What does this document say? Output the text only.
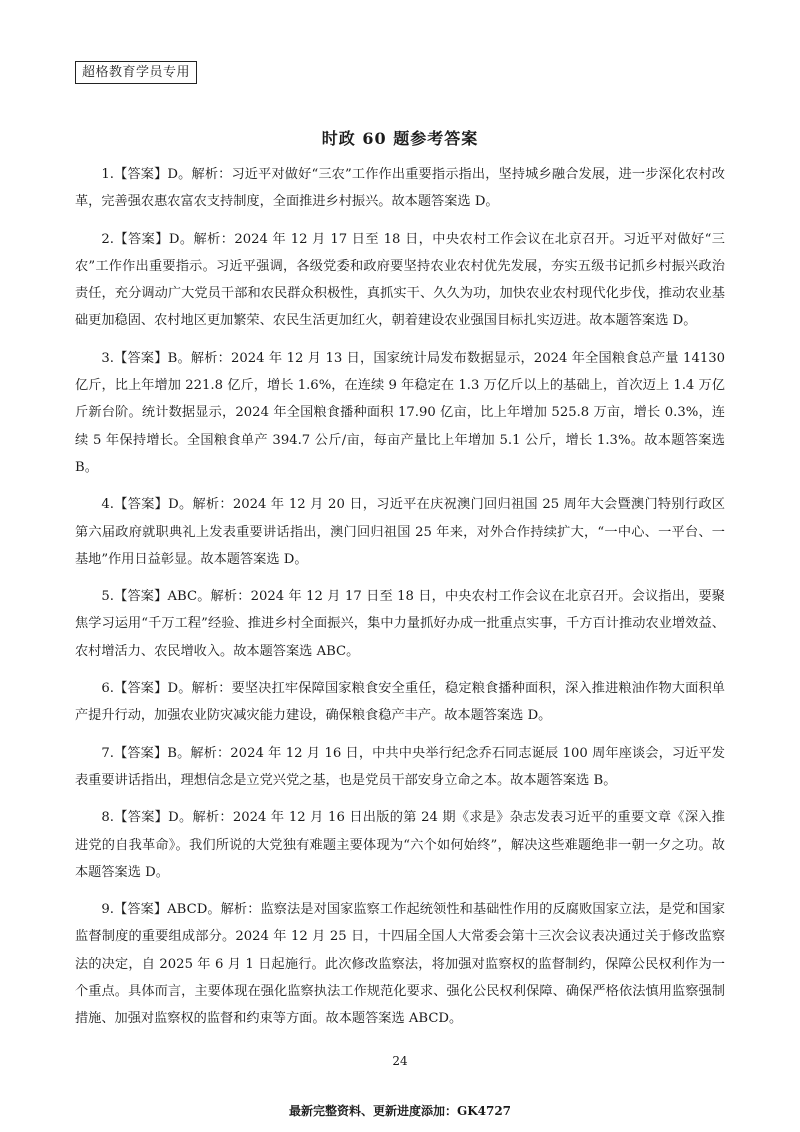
超格教育学员专用
时政 60 题参考答案

1.【答案】D。解析：习近平对做好“三农”工作作出重要指示指出，坚持城乡融合发展，进一步深化农村改革，完善强农惠农富农支持制度，全面推进乡村振兴。故本题答案选 D。

2.【答案】D。解析：2024 年 12 月 17 日至 18 日，中央农村工作会议在北京召开。习近平对做好“三农”工作作出重要指示。习近平强调，各级党委和政府要坚持农业农村优先发展，夯实五级书记抓乡村振兴政治责任，充分调动广大党员干部和农民群众积极性，真抓实干、久久为功，加快农业农村现代化步伐，推动农业基础更加稳固、农村地区更加繁荣、农民生活更加红火，朝着建设农业强国目标扎实迈进。故本题答案选 D。

3.【答案】B。解析：2024 年 12 月 13 日，国家统计局发布数据显示，2024 年全国粮食总产量 14130 亿斤，比上年增加 221.8 亿斤，增长 1.6%，在连续 9 年稳定在 1.3 万亿斤以上的基础上，首次迈上 1.4 万亿斤新台阶。统计数据显示，2024 年全国粮食播种面积 17.90 亿亩，比上年增加 525.8 万亩，增长 0.3%，连续 5 年保持增长。全国粮食单产 394.7 公斤/亩，每亩产量比上年增加 5.1 公斤，增长 1.3%。故本题答案选 B。

4.【答案】D。解析：2024 年 12 月 20 日，习近平在庆祝澳门回归祖国 25 周年大会暨澳门特别行政区第六届政府就职典礼上发表重要讲话指出，澳门回归祖国 25 年来，对外合作持续扩大，“一中心、一平台、一基地”作用日益彰显。故本题答案选 D。

5.【答案】ABC。解析：2024 年 12 月 17 日至 18 日，中央农村工作会议在北京召开。会议指出，要聚焦学习运用“千万工程”经验、推进乡村全面振兴，集中力量抓好办成一批重点实事，千方百计推动农业增效益、农村增活力、农民增收入。故本题答案选 ABC。

6.【答案】D。解析：要坚决扛牢保障国家粮食安全重任，稳定粮食播种面积，深入推进粮油作物大面积单产提升行动，加强农业防灾减灾能力建设，确保粮食稳产丰产。故本题答案选 D。

7.【答案】B。解析：2024 年 12 月 16 日，中共中央举行纪念乔石同志诞辰 100 周年座谈会，习近平发表重要讲话指出，理想信念是立党兴党之基，也是党员干部安身立命之本。故本题答案选 B。

8.【答案】D。解析：2024 年 12 月 16 日出版的第 24 期《求是》杂志发表习近平的重要文章《深入推进党的自我革命》。我们所说的大党独有难题主要体现为“六个如何始终”，解决这些难题绝非一朝一夕之功。故本题答案选 D。

9.【答案】ABCD。解析：监察法是对国家监察工作起统领性和基础性作用的反腐败国家立法，是党和国家监督制度的重要组成部分。2024 年 12 月 25 日，十四届全国人大常委会第十三次会议表决通过关于修改监察法的决定，自 2025 年 6 月 1 日起施行。此次修改监察法，将加强对监察权的监督制约，保障公民权利作为一个重点。具体而言，主要体现在强化监察执法工作规范化要求、强化公民权利保障、确保严格依法慎用监察强制措施、加强对监察权的监督和约束等方面。故本题答案选 ABCD。

24
最新完整资料、更新进度添加：GK4727
